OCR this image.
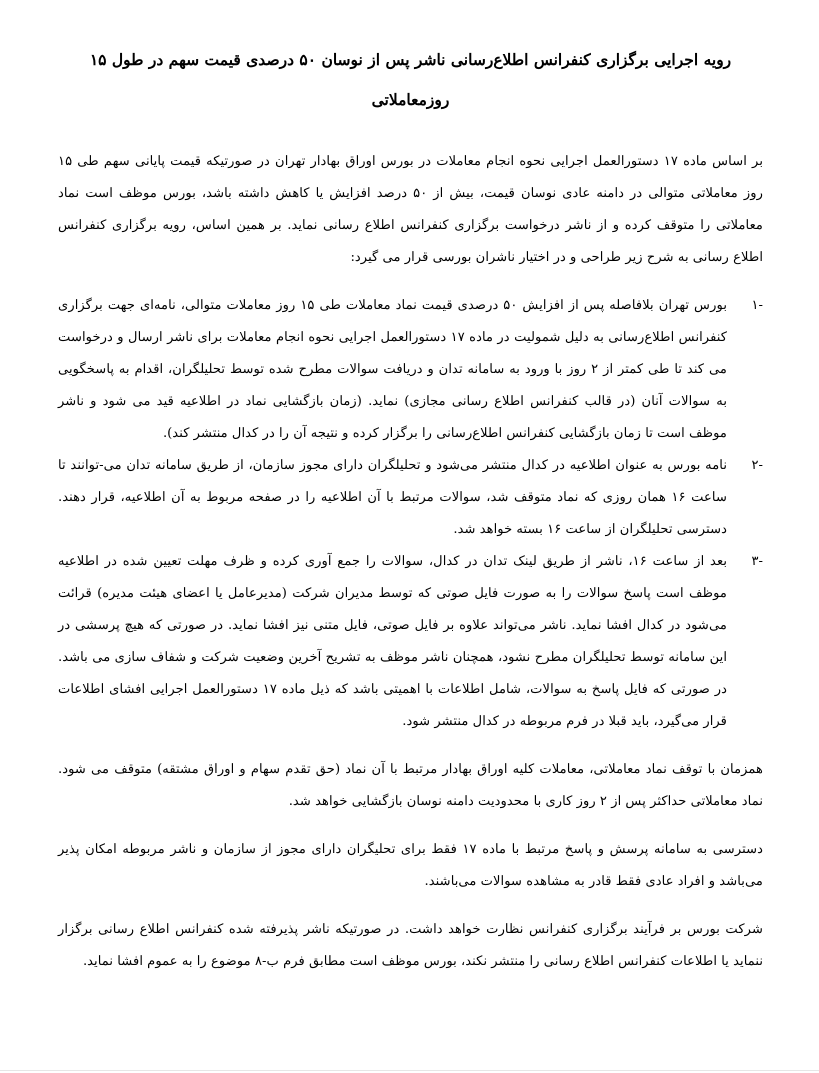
رویه اجرایی برگزاری کنفرانس اطلاع‌رسانی ناشر پس از نوسان ۵۰ درصدی قیمت سهم در طول ۱۵ روزمعاملاتی

بر اساس ماده ۱۷ دستورالعمل اجرایی نحوه انجام معاملات در بورس اوراق بهادار تهران در صورتیکه قیمت پایانی سهم طی ۱۵ روز معاملاتی متوالی در دامنه عادی نوسان قیمت، بیش از ۵۰ درصد افزایش یا کاهش داشته باشد، بورس موظف است نماد معاملاتی را متوقف کرده و از ناشر درخواست برگزاری کنفرانس اطلاع رسانی نماید. بر همین اساس، رویه برگزاری کنفرانس اطلاع رسانی به شرح زیر طراحی و در اختیار ناشران بورسی قرار می گیرد:

-۱
بورس تهران بلافاصله پس از افزایش ۵۰ درصدی قیمت نماد معاملات طی ۱۵ روز معاملات متوالی، نامه‌ای جهت برگزاری کنفرانس اطلاع‌رسانی به دلیل شمولیت در ماده ۱۷ دستورالعمل اجرایی نحوه انجام معاملات برای ناشر ارسال و درخواست می کند تا طی کمتر از ۲ روز با ورود به سامانه تدان و دریافت سوالات مطرح شده توسط تحلیلگران، اقدام به پاسخگویی به سوالات آنان (در قالب کنفرانس اطلاع رسانی مجازی) نماید. (زمان بازگشایی نماد در اطلاعیه قید می شود و ناشر موظف است تا زمان بازگشایی کنفرانس اطلاع‌رسانی را برگزار کرده و نتیجه آن را در کدال منتشر کند).
-۲
نامه بورس به عنوان اطلاعیه در کدال منتشر می‌شود و تحلیلگران دارای مجوز سازمان، از طریق سامانه تدان می-توانند تا ساعت ۱۶ همان روزی که نماد متوقف شد، سوالات مرتبط با آن اطلاعیه را در صفحه مربوط به آن اطلاعیه، قرار دهند. دسترسی تحلیلگران از ساعت ۱۶ بسته خواهد شد.
-۳
بعد از ساعت ۱۶، ناشر از طریق لینک تدان در کدال، سوالات را جمع آوری کرده و ظرف مهلت تعیین شده در اطلاعیه موظف است پاسخ سوالات را به صورت فایل صوتی که توسط مدیران شرکت (مدیرعامل یا اعضای هیئت مدیره) قرائت می‌شود در کدال افشا نماید. ناشر می‌تواند علاوه بر فایل صوتی، فایل متنی نیز افشا نماید. در صورتی که هیچ پرسشی در این سامانه توسط تحلیلگران مطرح نشود، همچنان ناشر موظف به تشریح آخرین وضعیت شرکت و شفاف سازی می باشد. در صورتی که فایل پاسخ به سوالات، شامل اطلاعات با اهمیتی باشد که ذیل ماده ۱۷ دستورالعمل اجرایی افشای اطلاعات قرار می‌گیرد، باید قبلا در فرم مربوطه در کدال منتشر شود.

همزمان با توقف نماد معاملاتی، معاملات کلیه اوراق بهادار مرتبط با آن نماد (حق تقدم سهام و اوراق مشتقه) متوقف می شود. نماد معاملاتی حداکثر پس از ۲ روز کاری با محدودیت دامنه نوسان بازگشایی خواهد شد.

دسترسی به سامانه پرسش و پاسخ مرتبط با ماده ۱۷ فقط برای تحلیگران دارای مجوز از سازمان و ناشر مربوطه امکان پذیر می‌باشد و افراد عادی فقط قادر به مشاهده سوالات می‌باشند.

شرکت بورس بر فرآیند برگزاری کنفرانس نظارت خواهد داشت. در صورتیکه ناشر پذیرفته شده کنفرانس اطلاع رسانی برگزار ننماید یا اطلاعات کنفرانس اطلاع رسانی را منتشر نکند، بورس موظف است مطابق فرم ب-۸ موضوع را به عموم افشا نماید.
